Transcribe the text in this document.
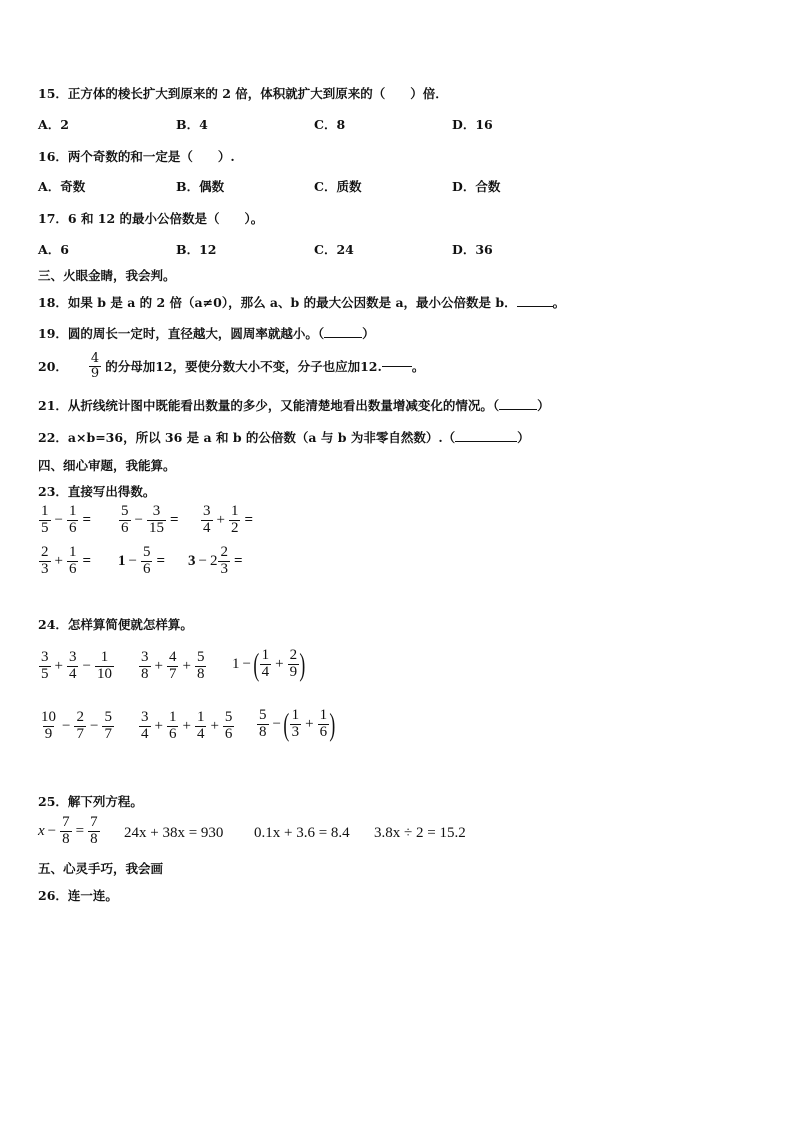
15．正方体的棱长扩大到原来的 2 倍，体积就扩大到原来的（　　）倍．
A．2	B．4	C．8	D．16
16．两个奇数的和一定是（　　）.
A．奇数	B．偶数	C．质数	D．合数
17．6 和 12 的最小公倍数是（　　）。
A．6	B．12	C．24	D．36
三、火眼金睛，我会判。
18．如果 b 是 a 的 2 倍（a≠0），那么 a、b 的最大公因数是 a，最小公倍数是 b．	。
19．圆的周长一定时，直径越大，圆周率就越小。（	）
20． $\frac{4}{9}$ 的分母加12，要使分数大小不变，分子也应加12. 。
21．从折线统计图中既能看出数量的多少，又能清楚地看出数量增减变化的情况。（	）
22．a×b=36，所以 36 是 a 和 b 的公倍数（a 与 b 为非零自然数）.（	）
四、细心审题，我能算。
23．直接写出得数。
$\frac{1}{5} - \frac{1}{6} = \frac{5}{6} - \frac{3}{15} = \frac{3}{4} + \frac{1}{2}$ =
$\frac{2}{3} + \frac{1}{6} = 1 - \frac{5}{6} = 3 - 2 \frac{2}{3}$ =
24．怎样算简便就怎样算。
$\frac{3}{5} + \frac{3}{4} - \frac{1}{10} \frac{3}{8} + \frac{4}{7} + \frac{5}{8} 1$ − ( $\frac{1}{4} + \frac{2}{9}$ )
$\frac{10}{9} - \frac{2}{7} - \frac{5}{7} \frac{3}{4} + \frac{1}{6} + \frac{1}{4} + \frac{5}{6} \frac{5}{8}$ − ( $\frac{1}{3} + \frac{1}{6}$ )
25．解下列方程。
$x - \frac{7}{8} = \frac{7}{8} 24x + 38x = 930$ 0.1x + 3.6 = 8.4 3.8x ÷ 2 = 15.2
五、心灵手巧，我会画
26．连一连。
